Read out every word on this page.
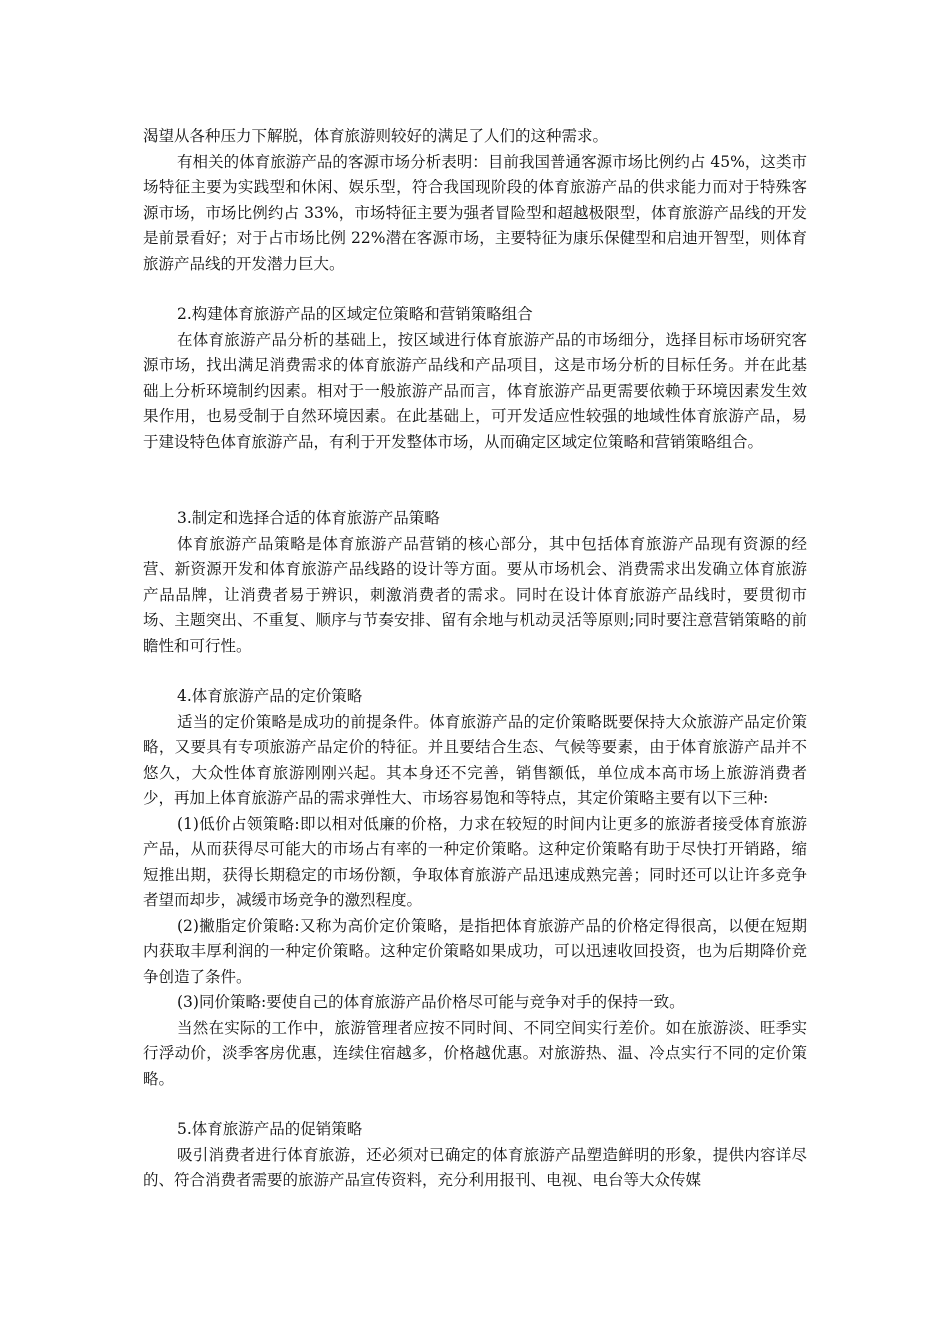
渴望从各种压力下解脱，体育旅游则较好的满足了人们的这种需求。

有相关的体育旅游产品的客源市场分析表明：目前我国普通客源市场比例约占 45%，这类市场特征主要为实践型和休闲、娱乐型，符合我国现阶段的体育旅游产品的供求能力而对于特殊客源市场，市场比例约占 33%，市场特征主要为强者冒险型和超越极限型，体育旅游产品线的开发是前景看好；对于占市场比例 22%潜在客源市场，主要特征为康乐保健型和启迪开智型，则体育旅游产品线的开发潜力巨大。

2.构建体育旅游产品的区域定位策略和营销策略组合

在体育旅游产品分析的基础上，按区域进行体育旅游产品的市场细分，选择目标市场研究客源市场，找出满足消费需求的体育旅游产品线和产品项目，这是市场分析的目标任务。并在此基础上分析环境制约因素。相对于一般旅游产品而言，体育旅游产品更需要依赖于环境因素发生效果作用，也易受制于自然环境因素。在此基础上，可开发适应性较强的地域性体育旅游产品，易于建设特色体育旅游产品，有利于开发整体市场，从而确定区域定位策略和营销策略组合。

3.制定和选择合适的体育旅游产品策略

体育旅游产品策略是体育旅游产品营销的核心部分，其中包括体育旅游产品现有资源的经营、新资源开发和体育旅游产品线路的设计等方面。要从市场机会、消费需求出发确立体育旅游产品品牌，让消费者易于辨识，刺激消费者的需求。同时在设计体育旅游产品线时，要贯彻市场、主题突出、不重复、顺序与节奏安排、留有余地与机动灵活等原则;同时要注意营销策略的前瞻性和可行性。

4.体育旅游产品的定价策略

适当的定价策略是成功的前提条件。体育旅游产品的定价策略既要保持大众旅游产品定价策略，又要具有专项旅游产品定价的特征。并且要结合生态、气候等要素，由于体育旅游产品并不悠久，大众性体育旅游刚刚兴起。其本身还不完善，销售额低，单位成本高市场上旅游消费者少，再加上体育旅游产品的需求弹性大、市场容易饱和等特点，其定价策略主要有以下三种:

(1)低价占领策略:即以相对低廉的价格，力求在较短的时间内让更多的旅游者接受体育旅游产品，从而获得尽可能大的市场占有率的一种定价策略。这种定价策略有助于尽快打开销路，缩短推出期，获得长期稳定的市场份额，争取体育旅游产品迅速成熟完善；同时还可以让许多竞争者望而却步，减缓市场竞争的激烈程度。

(2)撇脂定价策略:又称为高价定价策略，是指把体育旅游产品的价格定得很高，以便在短期内获取丰厚利润的一种定价策略。这种定价策略如果成功，可以迅速收回投资，也为后期降价竞争创造了条件。

(3)同价策略:要使自己的体育旅游产品价格尽可能与竞争对手的保持一致。

当然在实际的工作中，旅游管理者应按不同时间、不同空间实行差价。如在旅游淡、旺季实行浮动价，淡季客房优惠，连续住宿越多，价格越优惠。对旅游热、温、冷点实行不同的定价策略。

5.体育旅游产品的促销策略

吸引消费者进行体育旅游，还必须对已确定的体育旅游产品塑造鲜明的形象，提供内容详尽的、符合消费者需要的旅游产品宣传资料，充分利用报刊、电视、电台等大众传媒
